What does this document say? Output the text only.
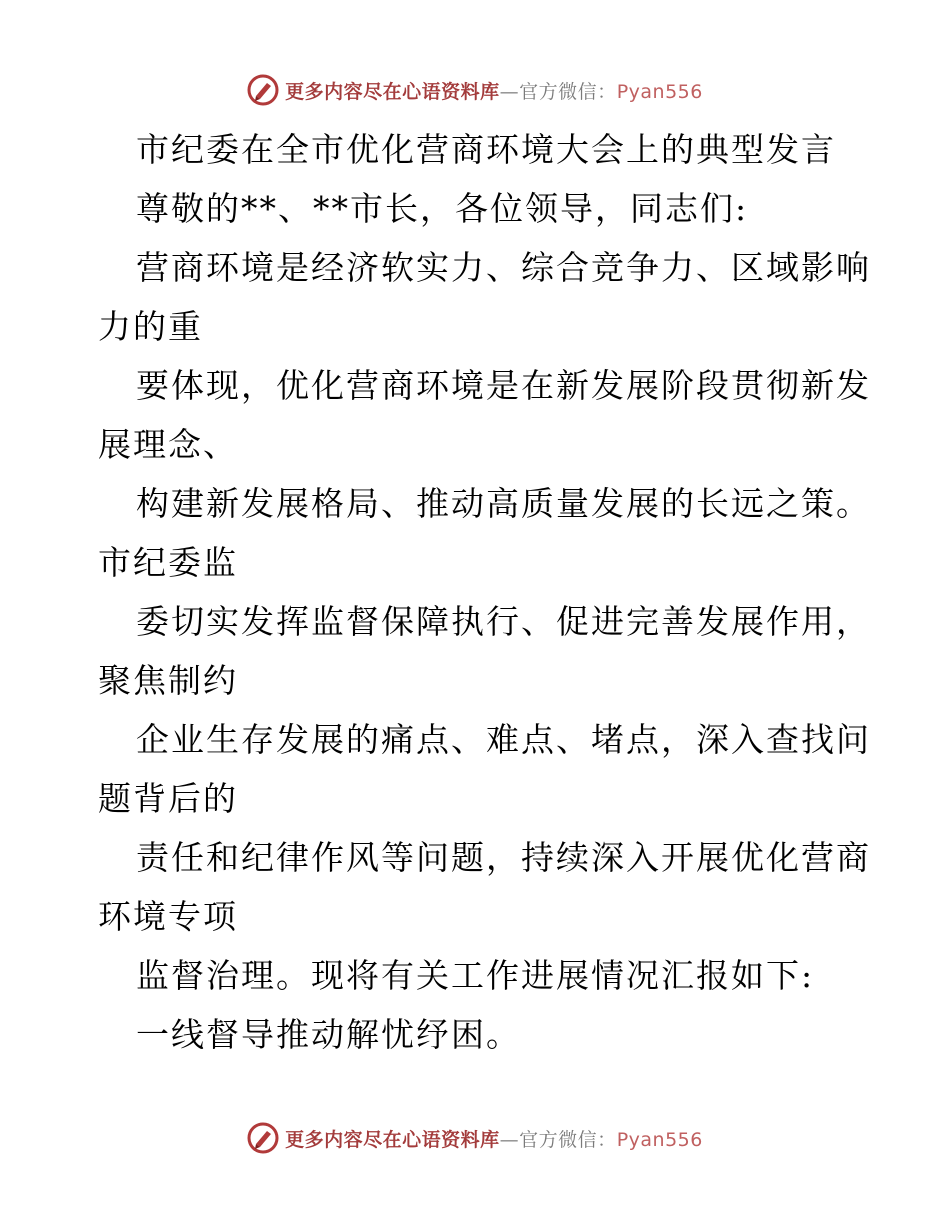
更多内容尽在心语资料库—官方微信：Pyan556
市纪委在全市优化营商环境大会上的典型发言
尊敬的**、**市长，各位领导，同志们:
营商环境是经济软实力、综合竞争力、区域影响
力的重
要体现，优化营商环境是在新发展阶段贯彻新发
展理念、
构建新发展格局、推动高质量发展的长远之策。
市纪委监
委切实发挥监督保障执行、促进完善发展作用，
聚焦制约
企业生存发展的痛点、难点、堵点，深入查找问
题背后的
责任和纪律作风等问题，持续深入开展优化营商
环境专项
监督治理。现将有关工作进展情况汇报如下:
一线督导推动解忧纾困。
更多内容尽在心语资料库—官方微信：Pyan556
